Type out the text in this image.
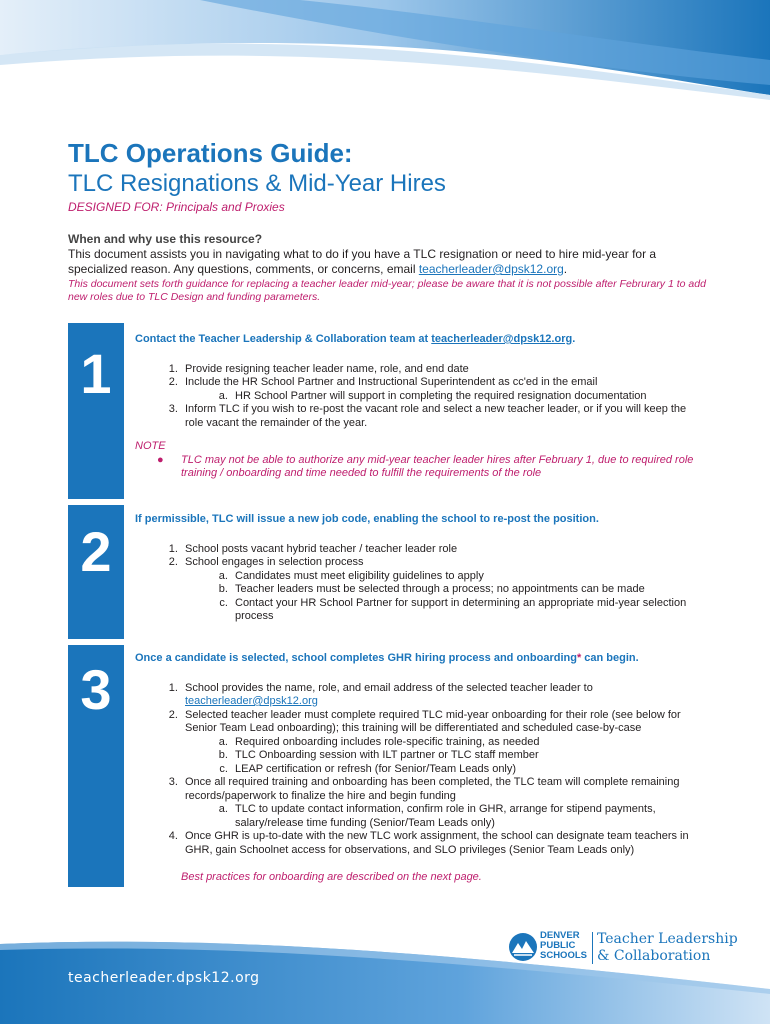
TLC Operations Guide:
TLC Resignations & Mid-Year Hires
DESIGNED FOR: Principals and Proxies
When and why use this resource?
This document assists you in navigating what to do if you have a TLC resignation or need to hire mid-year for a specialized reason. Any questions, comments, or concerns, email teacherleader@dpsk12.org.
This document sets forth guidance for replacing a teacher leader mid-year; please be aware that it is not possible after Februrary 1 to add new roles due to TLC Design and funding parameters.
1
Contact the Teacher Leadership & Collaboration team at teacherleader@dpsk12.org.
1. Provide resigning teacher leader name, role, and end date
2. Include the HR School Partner and Instructional Superintendent as cc'ed in the email
a. HR School Partner will support in completing the required resignation documentation
3. Inform TLC if you wish to re-post the vacant role and select a new teacher leader, or if you will keep the role vacant the remainder of the year.
NOTE
● TLC may not be able to authorize any mid-year teacher leader hires after February 1, due to required role training / onboarding and time needed to fulfill the requirements of the role
2
If permissible, TLC will issue a new job code, enabling the school to re-post the position.
1. School posts vacant hybrid teacher / teacher leader role
2. School engages in selection process
a. Candidates must meet eligibility guidelines to apply
b. Teacher leaders must be selected through a process; no appointments can be made
c. Contact your HR School Partner for support in determining an appropriate mid-year selection process
3	Once a candidate is selected, school completes GHR hiring process and onboarding* can begin.
1. School provides the name, role, and email address of the selected teacher leader to
teacherleader@dpsk12.org
2. Selected teacher leader must complete required TLC mid-year onboarding for their role (see below for Senior Team Lead onboarding); this training will be differentiated and scheduled case-by-case
a. Required onboarding includes role-specific training, as needed
b. TLC Onboarding session with ILT partner or TLC staff member
c. LEAP certification or refresh (for Senior/Team Leads only)
3. Once all required training and onboarding has been completed, the TLC team will complete remaining records/paperwork to finalize the hire and begin funding
a. TLC to update contact information, confirm role in GHR, arrange for stipend payments, salary/release time funding (Senior/Team Leads only)
4. Once GHR is up-to-date with the new TLC work assignment, the school can designate team teachers in GHR, gain Schoolnet access for observations, and SLO privileges (Senior Team Leads only)
Best practices for onboarding are described on the next page.
DENVER
PUBLIC
SCHOOLS
Teacher Leadership
& Collaboration
teacherleader.dpsk12.org
